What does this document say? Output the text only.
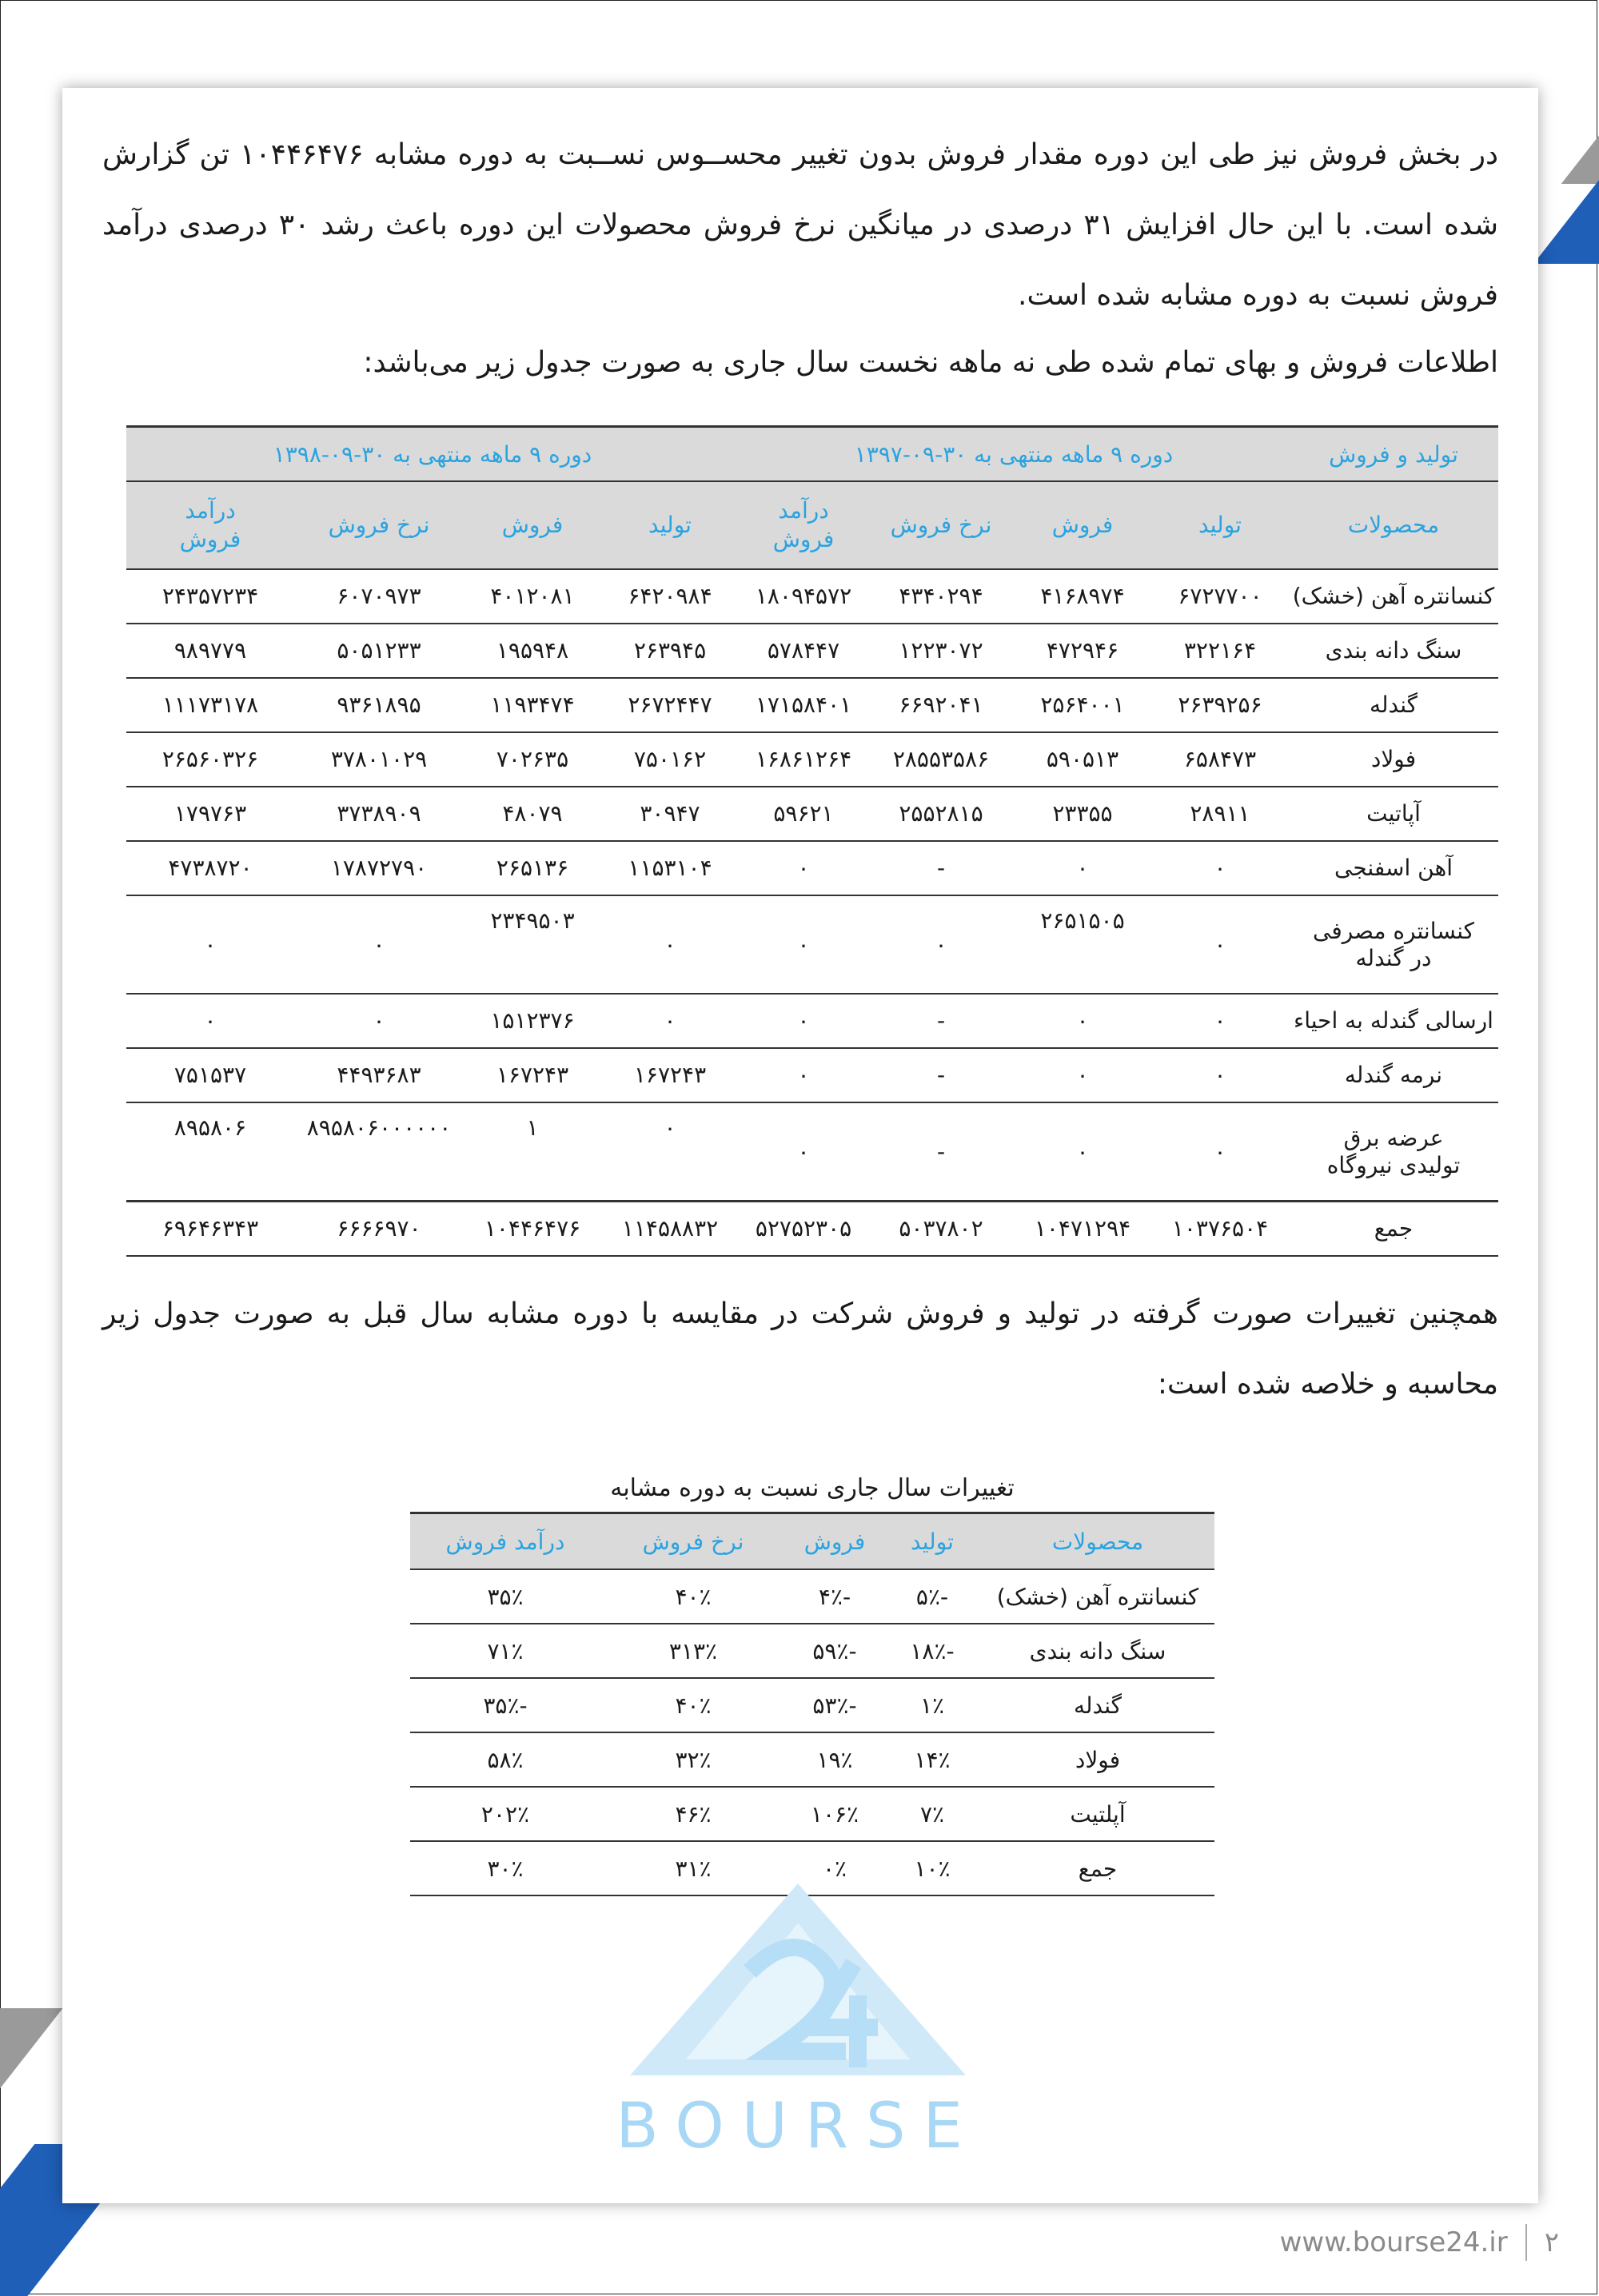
در بخش فروش نیز طی این دوره مقدار فروش بدون تغییر محســوس نســبت به دوره مشابه ۱۰۴۴۶۴۷۶ تن گزارش شده است. با این حال افزایش ۳۱ درصدی در میانگین نرخ فروش محصولات این دوره باعث رشد ۳۰ درصدی درآمد فروش نسبت به دوره مشابه شده است.

اطلاعات فروش و بهای تمام شده طی نه ماهه نخست سال جاری به صورت جدول زیر می‌باشد:

تولید و فروش	دوره ۹ ماهه منتهی به ۳۰-۰۹-۱۳۹۷				دوره ۹ ماهه منتهی به ۳۰-۰۹-۱۳۹۸			
محصولات	تولید	فروش	نرخ فروش	درآمد فروش	تولید	فروش	نرخ فروش	درآمد فروش
کنسانتره آهن (خشک)	۶۷۲۷۷۰۰	۴۱۶۸۹۷۴	۴۳۴۰۲۹۴	۱۸۰۹۴۵۷۲	۶۴۲۰۹۸۴	۴۰۱۲۰۸۱	۶۰۷۰۹۷۳	۲۴۳۵۷۲۳۴
سنگ دانه بندی	۳۲۲۱۶۴	۴۷۲۹۴۶	۱۲۲۳۰۷۲	۵۷۸۴۴۷	۲۶۳۹۴۵	۱۹۵۹۴۸	۵۰۵۱۲۳۳	۹۸۹۷۷۹
گندله	۲۶۳۹۲۵۶	۲۵۶۴۰۰۱	۶۶۹۲۰۴۱	۱۷۱۵۸۴۰۱	۲۶۷۲۴۴۷	۱۱۹۳۴۷۴	۹۳۶۱۸۹۵	۱۱۱۷۳۱۷۸
فولاد	۶۵۸۴۷۳	۵۹۰۵۱۳	۲۸۵۵۳۵۸۶	۱۶۸۶۱۲۶۴	۷۵۰۱۶۲	۷۰۲۶۳۵	۳۷۸۰۱۰۲۹	۲۶۵۶۰۳۲۶
آپاتیت	۲۸۹۱۱	۲۳۳۵۵	۲۵۵۲۸۱۵	۵۹۶۲۱	۳۰۹۴۷	۴۸۰۷۹	۳۷۳۸۹۰۹	۱۷۹۷۶۳
آهن اسفنجی	۰	۰	-	۰	۱۱۵۳۱۰۴	۲۶۵۱۳۶	۱۷۸۷۲۷۹۰	۴۷۳۸۷۲۰
کنسانتره مصرفی در گندله	۰	۲۶۵۱۵۰۵	۰	۰	۰	۲۳۴۹۵۰۳	۰	۰
ارسالی گندله به احیاء	۰	۰	-	۰	۰	۱۵۱۲۳۷۶	۰	۰
نرمه گندله	۰	۰	-	۰	۱۶۷۲۴۳	۱۶۷۲۴۳	۴۴۹۳۶۸۳	۷۵۱۵۳۷
عرضه برق تولیدی نیروگاه	۰	۰	-	۰	۰	۱	۸۹۵۸۰۶۰۰۰۰۰۰	۸۹۵۸۰۶
جمع	۱۰۳۷۶۵۰۴	۱۰۴۷۱۲۹۴	۵۰۳۷۸۰۲	۵۲۷۵۲۳۰۵	۱۱۴۵۸۸۳۲	۱۰۴۴۶۴۷۶	۶۶۶۶۹۷۰	۶۹۶۴۶۳۴۳

همچنین تغییرات صورت گرفته در تولید و فروش شرکت در مقایسه با دوره مشابه سال قبل به صورت جدول زیر محاسبه و خلاصه شده است:

تغییرات سال جاری نسبت به دوره مشابه
محصولات	تولید	فروش	نرخ فروش	درآمد فروش
کنسانتره آهن (خشک)	-۵٪	-۴٪	۴۰٪	۳۵٪
سنگ دانه بندی	-۱۸٪	-۵۹٪	۳۱۳٪	۷۱٪
گندله	۱٪	-۵۳٪	۴۰٪	-۳۵٪
فولاد	۱۴٪	۱۹٪	۳۲٪	۵۸٪
آپلتیت	۷٪	۱۰۶٪	۴۶٪	۲۰۲٪
جمع	۱۰٪	۰٪	۳۱٪	۳۰٪
BOURSE
www.bourse24.ir ۲
